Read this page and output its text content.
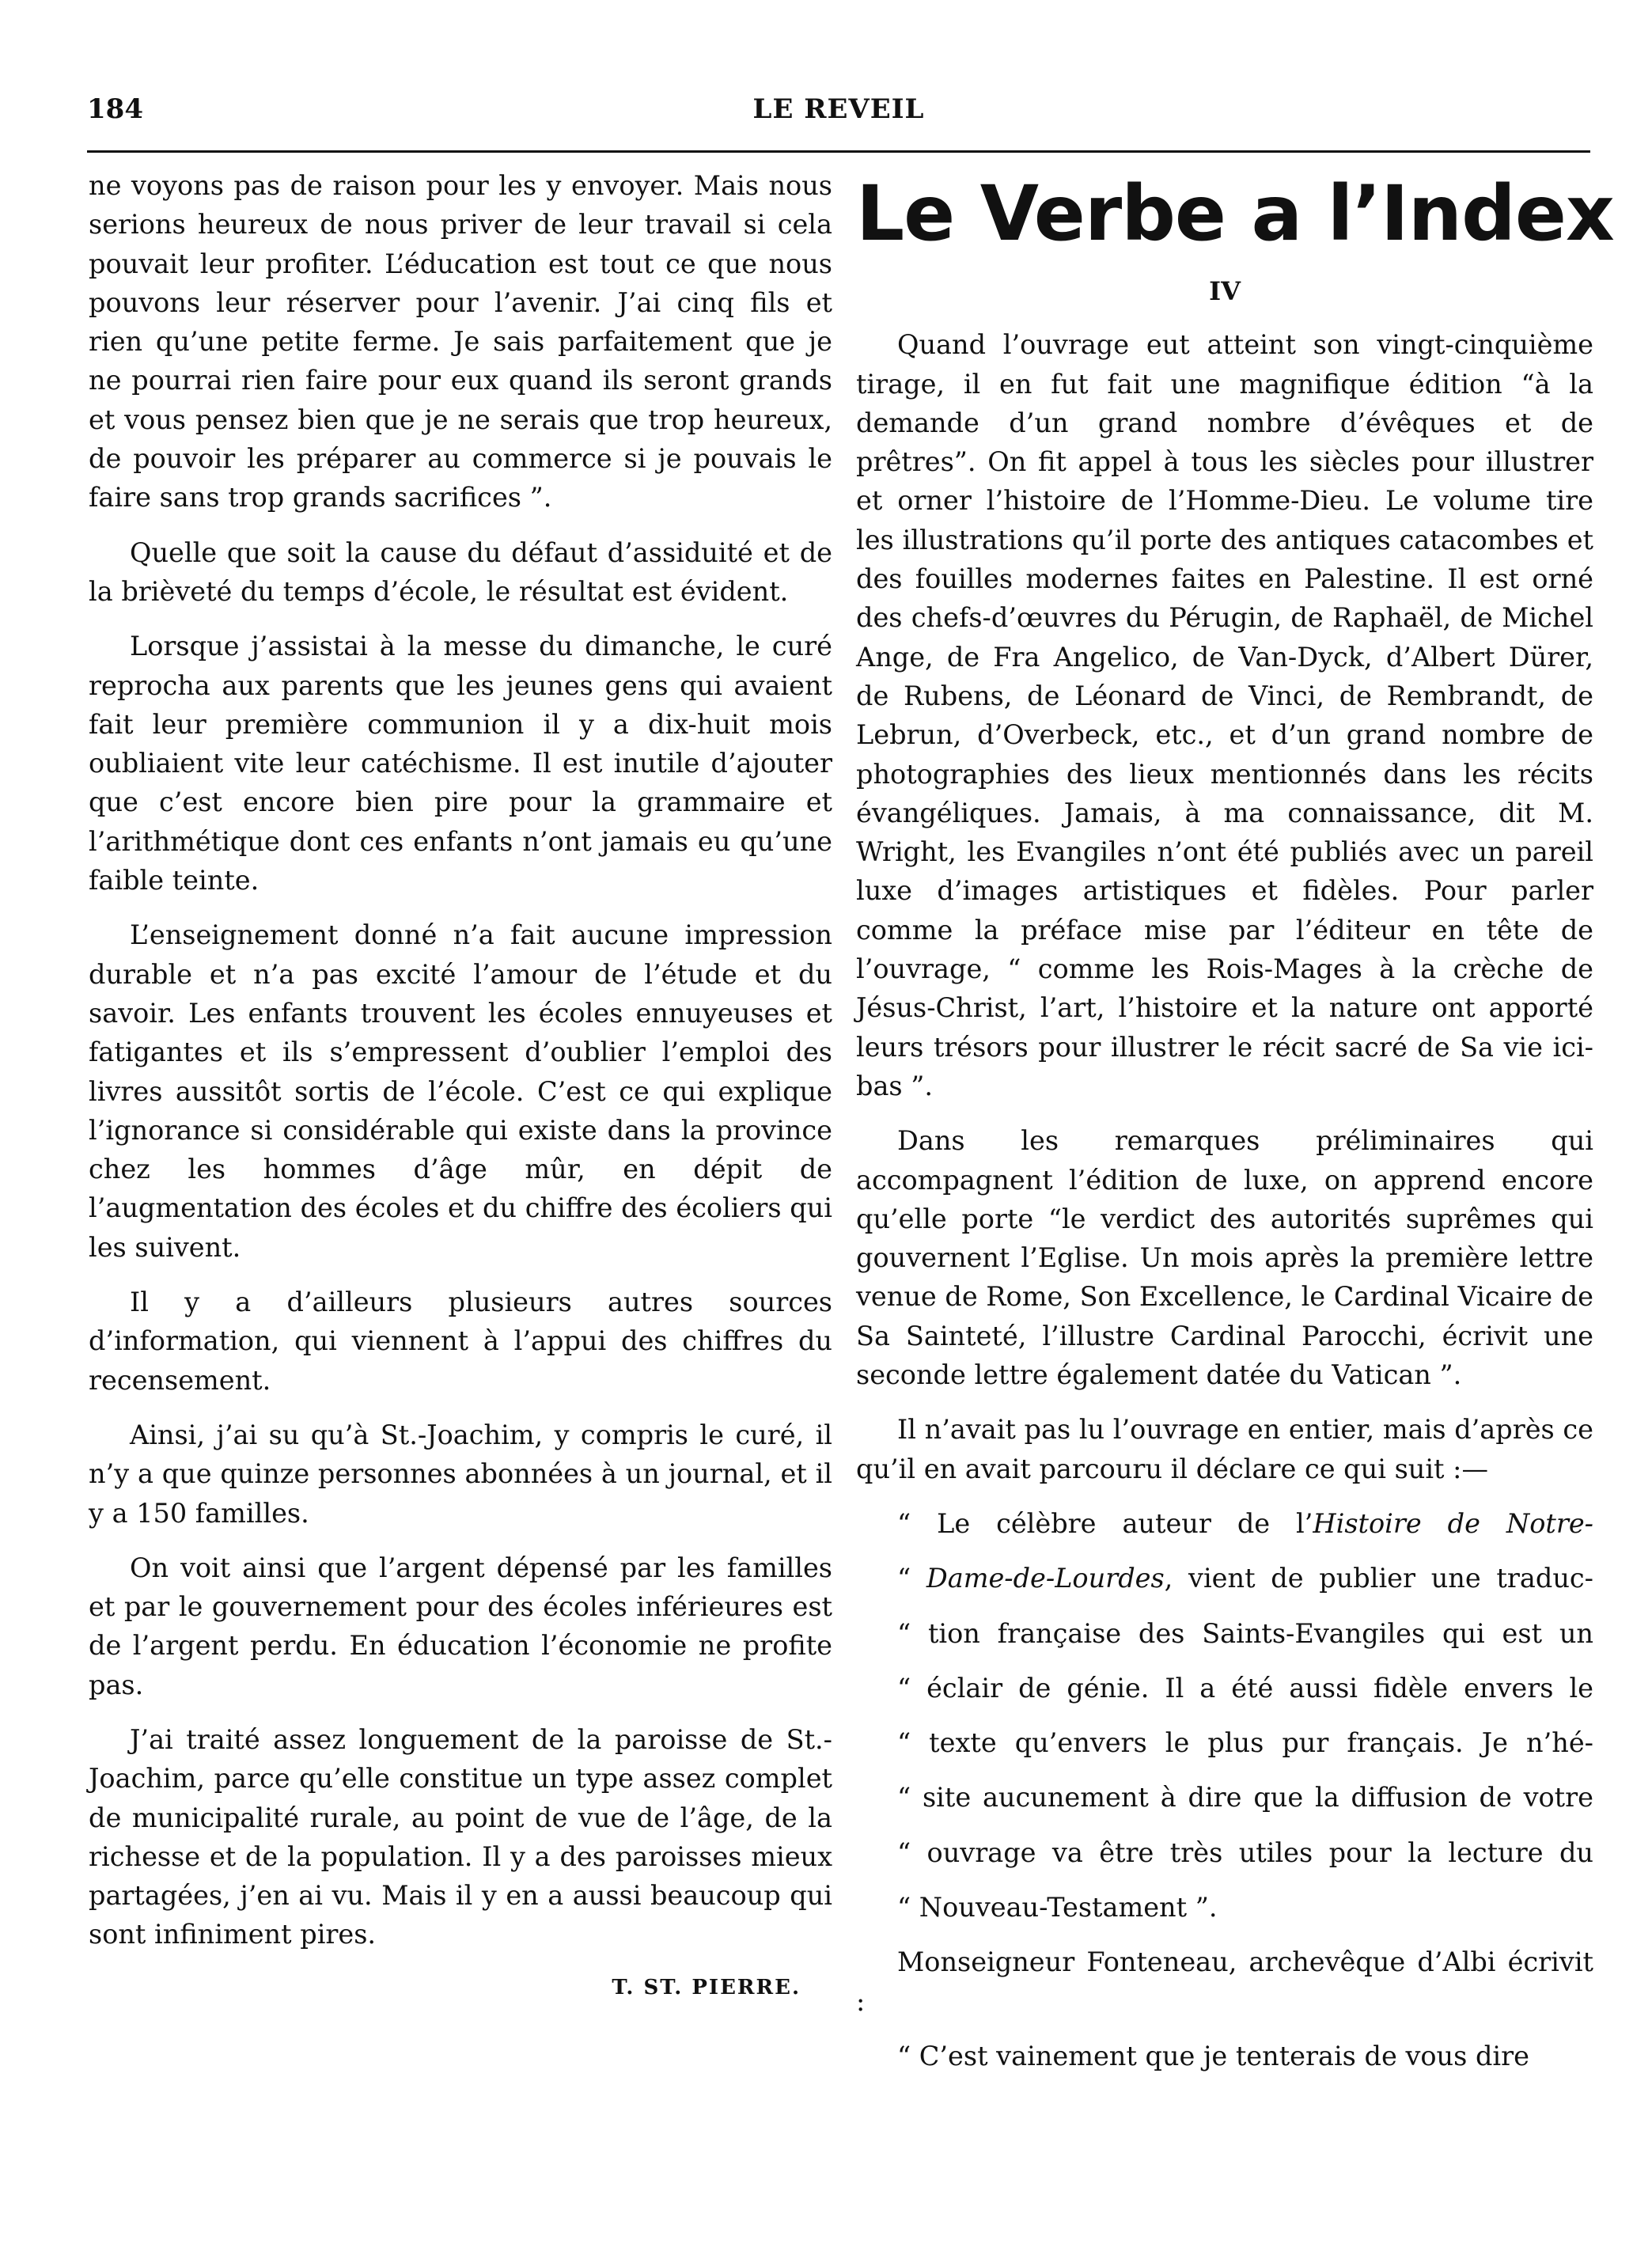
184	LE REVEIL

ne voyons pas de raison pour les y envoyer. Mais nous serions heureux de nous priver de leur travail si cela pouvait leur profiter. L’éducation est tout ce que nous pouvons leur réserver pour l’avenir. J’ai cinq fils et rien qu’une petite ferme. Je sais parfaitement que je ne pourrai rien faire pour eux quand ils seront grands et vous pensez bien que je ne serais que trop heureux, de pouvoir les préparer au commerce si je pouvais le faire sans trop grands sacrifices ”.

Quelle que soit la cause du défaut d’assiduité et de la brièveté du temps d’école, le résultat est évident.

Lorsque j’assistai à la messe du dimanche, le curé reprocha aux parents que les jeunes gens qui avaient fait leur première communion il y a dix-huit mois oubliaient vite leur catéchisme. Il est inutile d’ajouter que c’est encore bien pire pour la grammaire et l’arithmétique dont ces enfants n’ont jamais eu qu’une faible teinte.

L’enseignement donné n’a fait aucune impression durable et n’a pas excité l’amour de l’étude et du savoir. Les enfants trouvent les écoles ennuyeuses et fatigantes et ils s’empressent d’oublier l’emploi des livres aussitôt sortis de l’école. C’est ce qui explique l’ignorance si considérable qui existe dans la province chez les hommes d’âge mûr, en dépit de l’augmentation des écoles et du chiffre des écoliers qui les suivent.

Il y a d’ailleurs plusieurs autres sources d’information, qui viennent à l’appui des chiffres du recensement.

Ainsi, j’ai su qu’à St.-Joachim, y compris le curé, il n’y a que quinze personnes abonnées à un journal, et il y a 150 familles.

On voit ainsi que l’argent dépensé par les familles et par le gouvernement pour des écoles inférieures est de l’argent perdu. En éducation l’économie ne profite pas.

J’ai traité assez longuement de la paroisse de St.-Joachim, parce qu’elle constitue un type assez complet de municipalité rurale, au point de vue de l’âge, de la richesse et de la population. Il y a des paroisses mieux partagées, j’en ai vu. Mais il y en a aussi beaucoup qui sont infiniment pires.

T. ST. PIERRE.
Le Verbe a l’Index
IV

Quand l’ouvrage eut atteint son vingt-cinquième tirage, il en fut fait une magnifique édition “à la demande d’un grand nombre d’évêques et de prêtres”. On fit appel à tous les siècles pour illustrer et orner l’histoire de l’Homme-Dieu. Le volume tire les illustrations qu’il porte des antiques catacombes et des fouilles modernes faites en Palestine. Il est orné des chefs-d’œuvres du Pérugin, de Raphaël, de Michel Ange, de Fra Angelico, de Van-Dyck, d’Albert Dürer, de Rubens, de Léonard de Vinci, de Rembrandt, de Lebrun, d’Overbeck, etc., et d’un grand nombre de photographies des lieux mentionnés dans les récits évangéliques. Jamais, à ma connaissance, dit M. Wright, les Evangiles n’ont été publiés avec un pareil luxe d’images artistiques et fidèles. Pour parler comme la préface mise par l’éditeur en tête de l’ouvrage, “ comme les Rois-Mages à la crèche de Jésus-Christ, l’art, l’histoire et la nature ont apporté leurs trésors pour illustrer le récit sacré de Sa vie ici-bas ”.

Dans les remarques préliminaires qui accompagnent l’édition de luxe, on apprend encore qu’elle porte “le verdict des autorités suprêmes qui gouvernent l’Eglise. Un mois après la première lettre venue de Rome, Son Excellence, le Cardinal Vicaire de Sa Sainteté, l’illustre Cardinal Parocchi, écrivit une seconde lettre également datée du Vatican ”.

Il n’avait pas lu l’ouvrage en entier, mais d’après ce qu’il en avait parcouru il déclare ce qui suit :—

“ Le célèbre auteur de l’Histoire de Notre-

“ Dame-de-Lourdes, vient de publier une traduc-

“ tion française des Saints-Evangiles qui est un

“ éclair de génie. Il a été aussi fidèle envers le

“ texte qu’envers le plus pur français. Je n’hé-

“ site aucunement à dire que la diffusion de votre

“ ouvrage va être très utiles pour la lecture du

“ Nouveau-Testament ”.

Monseigneur Fonteneau, archevêque d’Albi écrivit :

“ C’est vainement que je tenterais de vous dire
